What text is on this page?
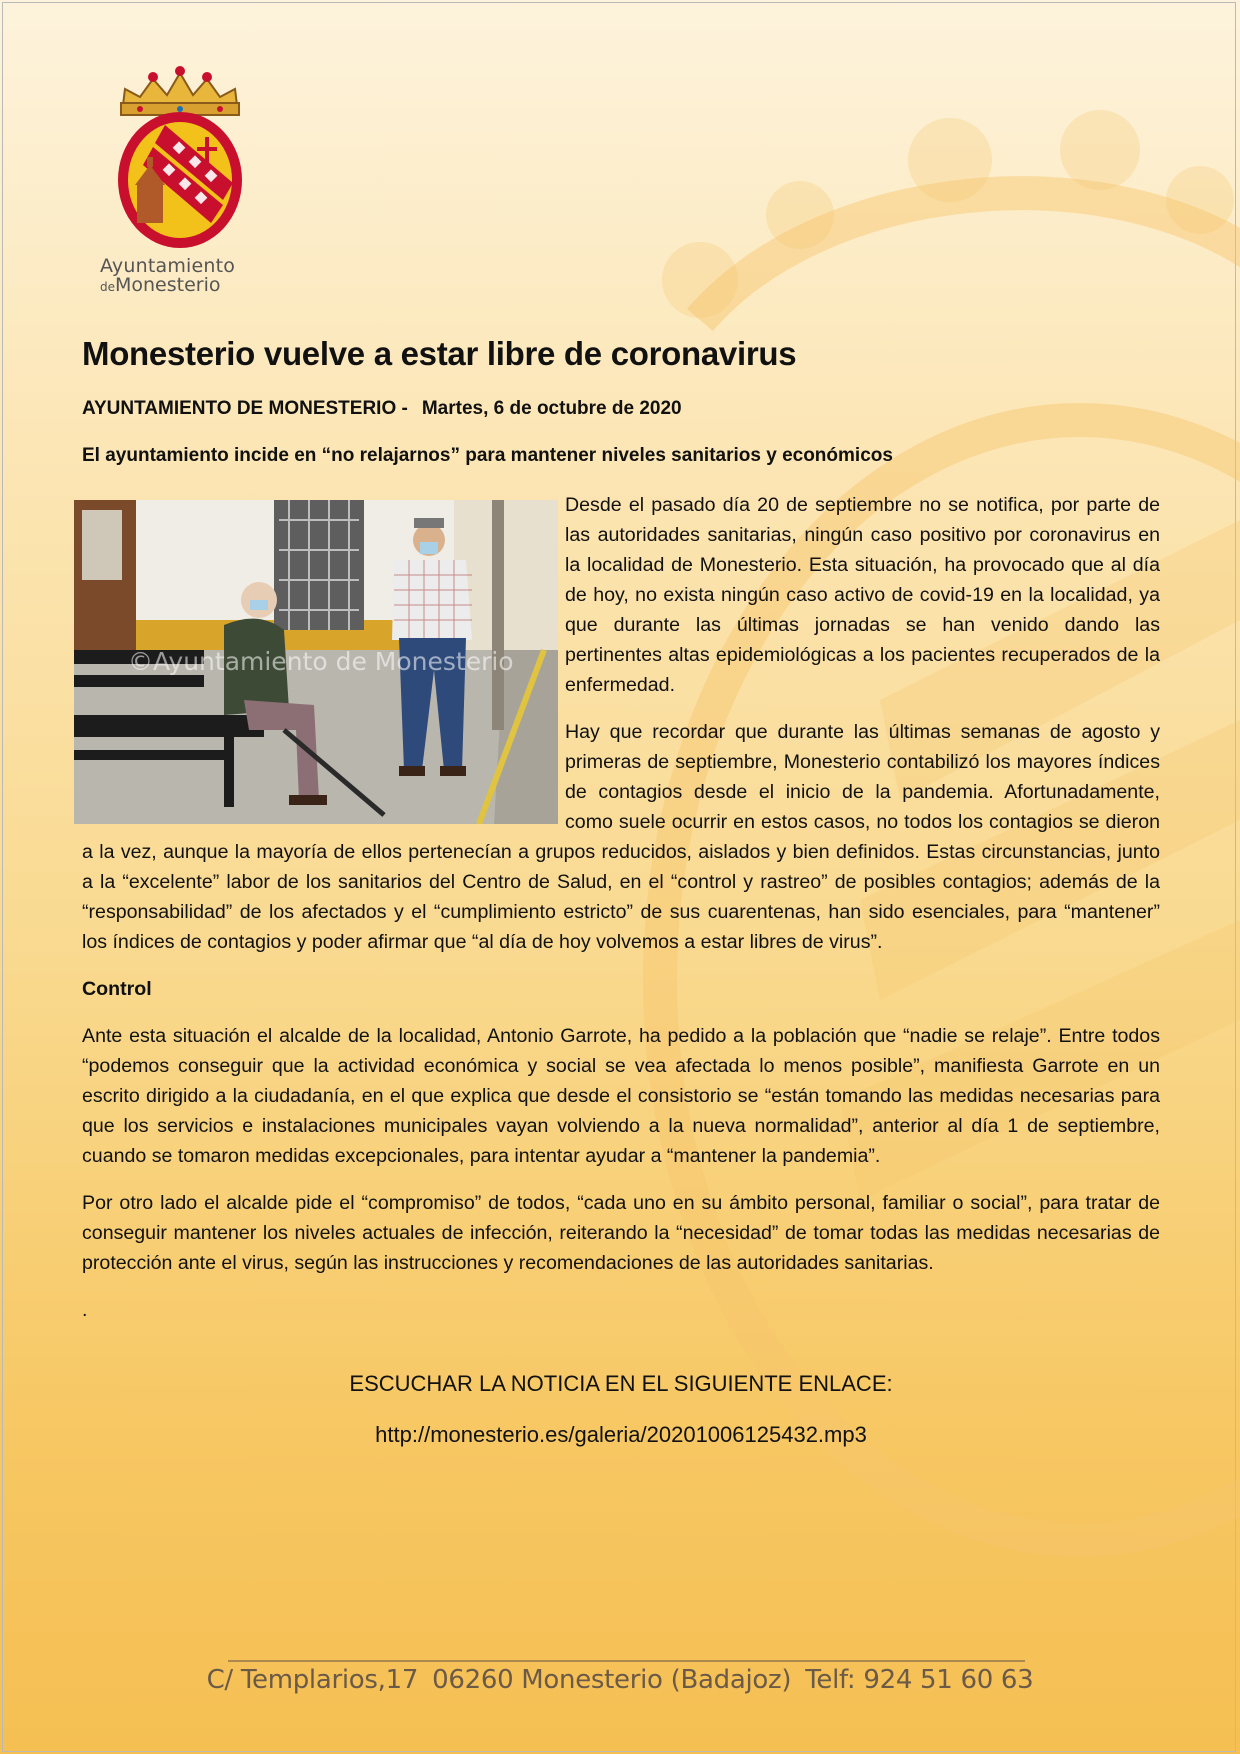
Ayuntamiento
deMonesterio
Monesterio vuelve a estar libre de coronavirus
AYUNTAMIENTO DE MONESTERIO - Martes, 6 de octubre de 2020
El ayuntamiento incide en “no relajarnos” para mantener niveles sanitarios y económicos
©Ayuntamiento de Monesterio

Desde el pasado día 20 de septiembre no se notifica, por parte de las autoridades sanitarias, ningún caso positivo por coronavirus en la localidad de Monesterio. Esta situación, ha provocado que al día de hoy, no exista ningún caso activo de covid-19 en la localidad, ya que durante las últimas jornadas se han venido dando las pertinentes altas epidemiológicas a los pacientes recuperados de la enfermedad.

Hay que recordar que durante las últimas semanas de agosto y primeras de septiembre, Monesterio contabilizó los mayores índices de contagios desde el inicio de la pandemia. Afortunadamente, como suele ocurrir en estos casos, no todos los contagios se dieron a la vez, aunque la mayoría de ellos pertenecían a grupos reducidos, aislados y bien definidos. Estas circunstancias, junto a la “excelente” labor de los sanitarios del Centro de Salud, en el “control y rastreo” de posibles contagios; además de la “responsabilidad” de los afectados y el “cumplimiento estricto” de sus cuarentenas, han sido esenciales, para “mantener” los índices de contagios y poder afirmar que “al día de hoy volvemos a estar libres de virus”.

Control

Ante esta situación el alcalde de la localidad, Antonio Garrote, ha pedido a la población que “nadie se relaje”. Entre todos “podemos conseguir que la actividad económica y social se vea afectada lo menos posible”, manifiesta Garrote en un escrito dirigido a la ciudadanía, en el que explica que desde el consistorio se “están tomando las medidas necesarias para que los servicios e instalaciones municipales vayan volviendo a la nueva normalidad”, anterior al día 1 de septiembre, cuando se tomaron medidas excepcionales, para intentar ayudar a “mantener la pandemia”.

Por otro lado el alcalde pide el “compromiso” de todos, “cada uno en su ámbito personal, familiar o social”, para tratar de conseguir mantener los niveles actuales de infección, reiterando la “necesidad” de tomar todas las medidas necesarias de protección ante el virus, según las instrucciones y recomendaciones de las autoridades sanitarias.

.

ESCUCHAR LA NOTICIA EN EL SIGUIENTE ENLACE:
http://monesterio.es/galeria/20201006125432.mp3
C/ Templarios,17 06260 Monesterio (Badajoz) Telf: 924 51 60 63
